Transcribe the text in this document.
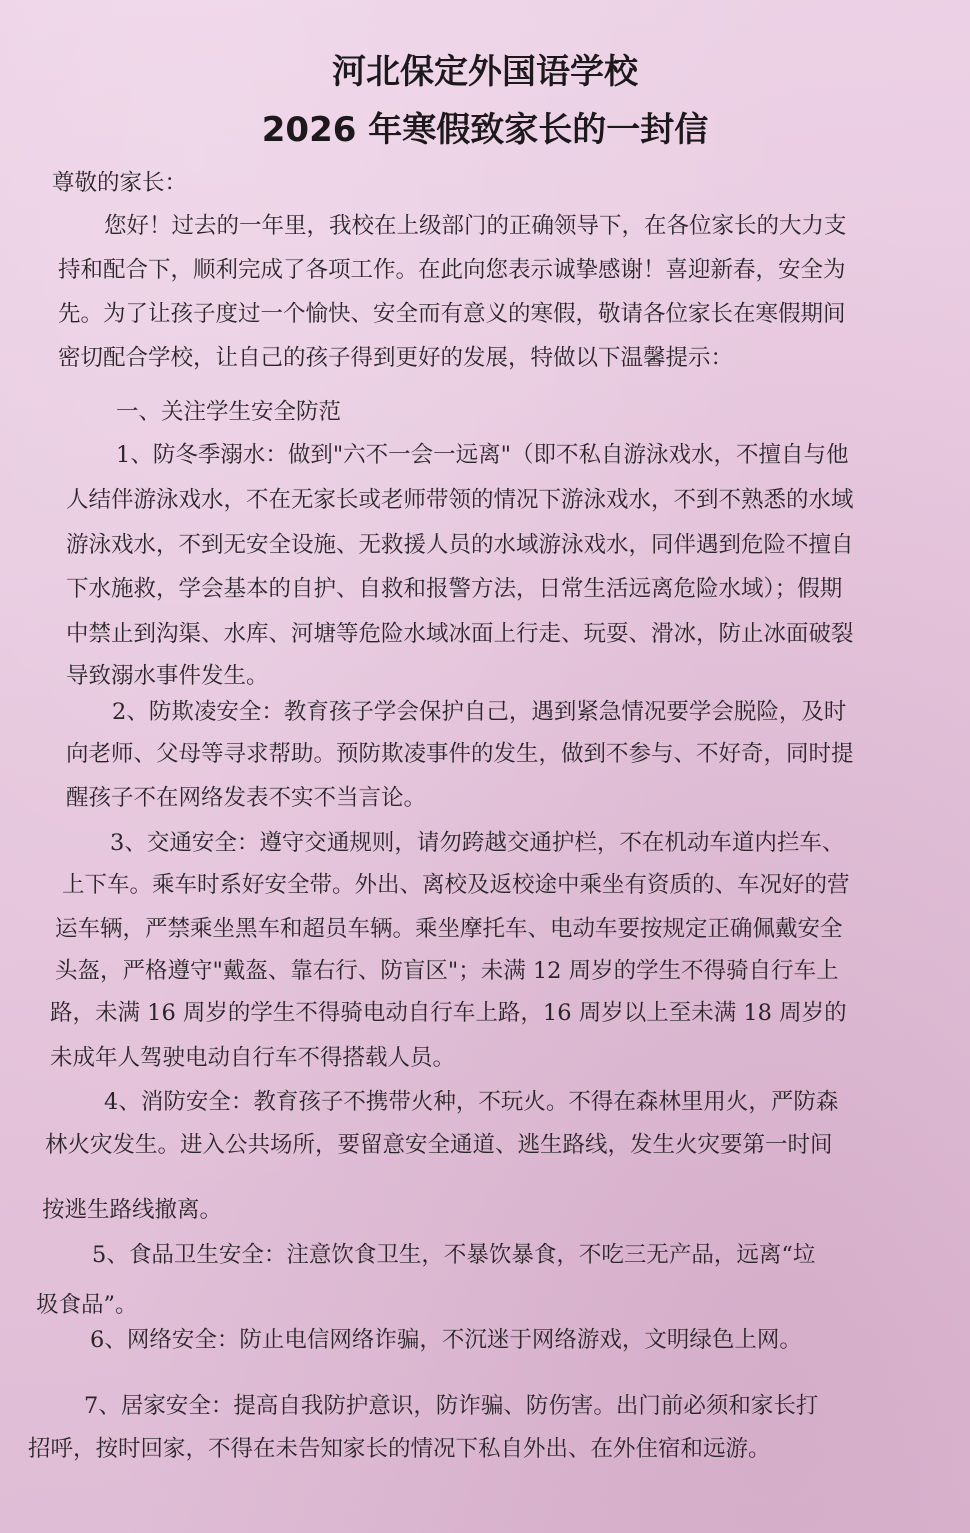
河北保定外国语学校
2026 年寒假致家长的一封信
尊敬的家长：
您好！过去的一年里，我校在上级部门的正确领导下，在各位家长的大力支
持和配合下，顺利完成了各项工作。在此向您表示诚挚感谢！喜迎新春，安全为
先。为了让孩子度过一个愉快、安全而有意义的寒假，敬请各位家长在寒假期间
密切配合学校，让自己的孩子得到更好的发展，特做以下温馨提示：
一、关注学生安全防范
1、防冬季溺水：做到"六不一会一远离"（即不私自游泳戏水，不擅自与他
人结伴游泳戏水，不在无家长或老师带领的情况下游泳戏水，不到不熟悉的水域
游泳戏水，不到无安全设施、无救援人员的水域游泳戏水，同伴遇到危险不擅自
下水施救，学会基本的自护、自救和报警方法，日常生活远离危险水域）；假期
中禁止到沟渠、水库、河塘等危险水域冰面上行走、玩耍、滑冰，防止冰面破裂
导致溺水事件发生。
2、防欺凌安全：教育孩子学会保护自己，遇到紧急情况要学会脱险，及时
向老师、父母等寻求帮助。预防欺凌事件的发生，做到不参与、不好奇，同时提
醒孩子不在网络发表不实不当言论。
3、交通安全：遵守交通规则，请勿跨越交通护栏，不在机动车道内拦车、
上下车。乘车时系好安全带。外出、离校及返校途中乘坐有资质的、车况好的营
运车辆，严禁乘坐黑车和超员车辆。乘坐摩托车、电动车要按规定正确佩戴安全
头盔，严格遵守"戴盔、靠右行、防盲区"；未满 12 周岁的学生不得骑自行车上
路，未满 16 周岁的学生不得骑电动自行车上路，16 周岁以上至未满 18 周岁的
未成年人驾驶电动自行车不得搭载人员。
4、消防安全：教育孩子不携带火种，不玩火。不得在森林里用火，严防森
林火灾发生。进入公共场所，要留意安全通道、逃生路线，发生火灾要第一时间
按逃生路线撤离。
5、食品卫生安全：注意饮食卫生，不暴饮暴食，不吃三无产品，远离“垃
圾食品”。
6、网络安全：防止电信网络诈骗，不沉迷于网络游戏，文明绿色上网。
7、居家安全：提高自我防护意识，防诈骗、防伤害。出门前必须和家长打
招呼，按时回家，不得在未告知家长的情况下私自外出、在外住宿和远游。
